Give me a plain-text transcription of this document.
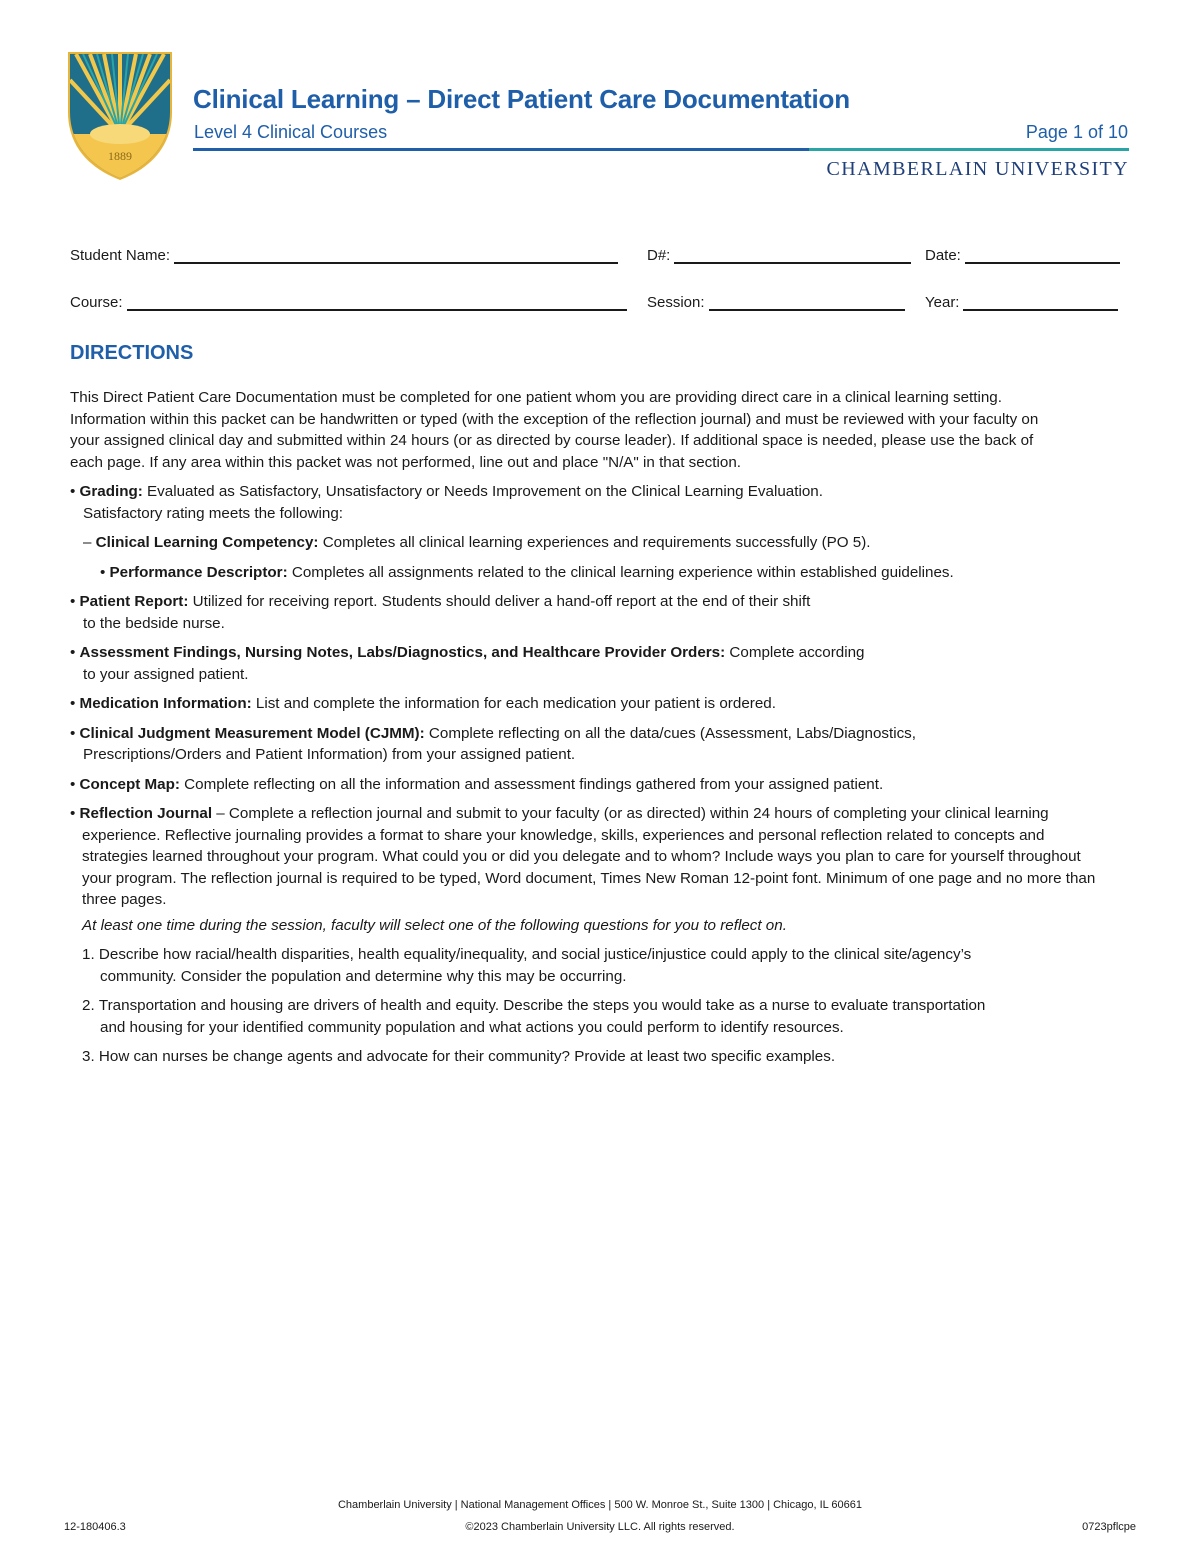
1889
Clinical Learning – Direct Patient Care Documentation
Level 4 Clinical Courses	Page 1 of 10
CHAMBERLAIN UNIVERSITY
Student Name:	D#:	Date:
Course:	Session:	Year:
DIRECTIONS

This Direct Patient Care Documentation must be completed for one patient whom you are providing direct care in a clinical learning setting. Information within this packet can be handwritten or typed (with the exception of the reflection journal) and must be reviewed with your faculty on your assigned clinical day and submitted within 24 hours (or as directed by course leader). If additional space is needed, please use the back of each page. If any area within this packet was not performed, line out and place "N/A" in that section.

• Grading: Evaluated as Satisfactory, Unsatisfactory or Needs Improvement on the Clinical Learning Evaluation.

Satisfactory rating meets the following:

– Clinical Learning Competency: Completes all clinical learning experiences and requirements successfully (PO 5).

• Performance Descriptor: Completes all assignments related to the clinical learning experience within established guidelines.

• Patient Report: Utilized for receiving report. Students should deliver a hand-off report at the end of their shift

to the bedside nurse.

• Assessment Findings, Nursing Notes, Labs/Diagnostics, and Healthcare Provider Orders: Complete according

to your assigned patient.

• Medication Information: List and complete the information for each medication your patient is ordered.

• Clinical Judgment Measurement Model (CJMM): Complete reflecting on all the data/cues (Assessment, Labs/Diagnostics,

Prescriptions/Orders and Patient Information) from your assigned patient.

• Concept Map: Complete reflecting on all the information and assessment findings gathered from your assigned patient.

• Reflection Journal – Complete a reflection journal and submit to your faculty (or as directed) within 24 hours of completing your clinical learning experience. Reflective journaling provides a format to share your knowledge, skills, experiences and personal reflection related to concepts and strategies learned throughout your program. What could you or did you delegate and to whom? Include ways you plan to care for yourself throughout your program. The reflection journal is required to be typed, Word document, Times New Roman 12-point font. Minimum of one page and no more than three pages.

At least one time during the session, faculty will select one of the following questions for you to reflect on.

1. Describe how racial/health disparities, health equality/inequality, and social justice/injustice could apply to the clinical site/agency’s community. Consider the population and determine why this may be occurring.

2. Transportation and housing are drivers of health and equity. Describe the steps you would take as a nurse to evaluate transportation and housing for your identified community population and what actions you could perform to identify resources.

3. How can nurses be change agents and advocate for their community? Provide at least two specific examples.

Chamberlain University | National Management Offices | 500 W. Monroe St., Suite 1300 | Chicago, IL 60661
12-180406.3	©2023 Chamberlain University LLC. All rights reserved.	0723pflcpe
